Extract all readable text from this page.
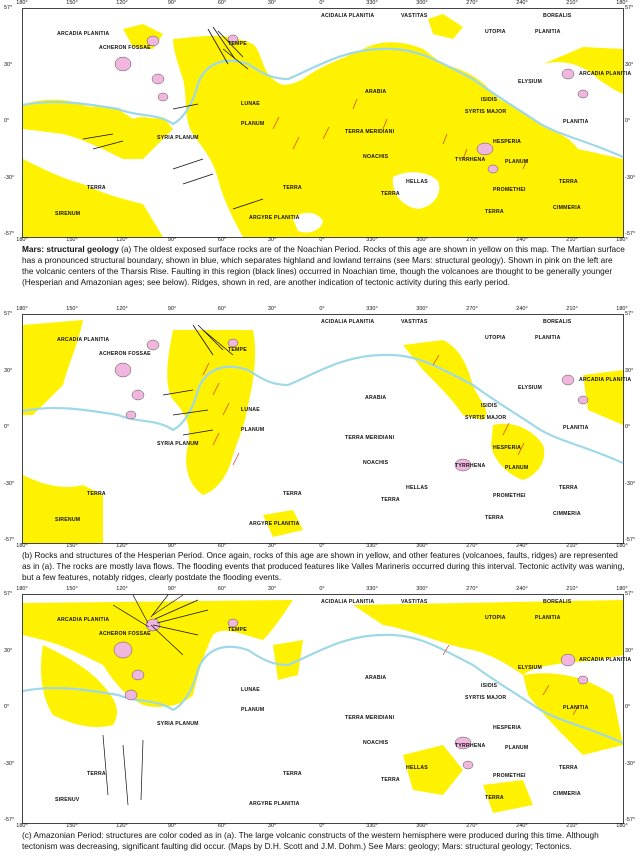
180°	150°	120°	90°	60°	30°	0°	330°	300°	270°	240°	210°	180°
ARCADIA PLANITIA
ACIDALIA PLANITIA	VASTITAS	BOREALIS
UTOPIA	PLANITIA
ARCADIA PLANITIA
ACHERON FOSSAE
TEMPE
ARABIA
ELYSIUM
LUNAE
ISIDIS
SYRTIS MAJOR
PLANUM	PLANITIA
TERRA MERIDIANI
SYRIA PLANUM
HESPERIA
NOACHIS	TYRRHENA	PLANUM
TERRA	TERRA
TERRA
TERRA
HELLAS
PROMETHEI
SIRENUM
ARGYRE PLANITIA
TERRA
CIMMERIA
180°	150°	120°	90°	60°	30°	0°	330°	300°	270°	240°	210°	180°
Mars: structural geology (a) The oldest exposed surface rocks are of the Noachian Period. Rocks of this age are shown in yellow on this map. The Martian surface has a pronounced structural boundary, shown in blue, which separates highland and lowland terrains (see Mars: structural geology). Shown in pink on the left are the volcanic centers of the Tharsis Rise. Faulting in this region (black lines) occurred in Noachian time, though the volcanoes are thought to be generally younger (Hesperian and Amazonian ages; see below). Ridges, shown in red, are another indication of tectonic activity during this early period.
57°	57°
30°	30°
0°	0°
-30°	-30°
-57°	-57°
180°	150°	120°	90°	60°	30°	0°	330°	300°	270°	240°	210°	180°
ARCADIA PLANITIA
ACIDALIA PLANITIA	VASTITAS	BOREALIS
UTOPIA	PLANITIA
ARCADIA PLANITIA
ACHERON FOSSAE
TEMPE
ARABIA
ELYSIUM
LUNAE
ISIDIS
SYRTIS MAJOR
PLANUM	PLANITIA
TERRA MERIDIANI
SYRIA PLANUM
HESPERIA
NOACHIS	TYRRHENA	PLANUM
TERRA	TERRA
TERRA
TERRA
HELLAS
PROMETHEI
SIRENUM
ARGYRE PLANITIA
TERRA
CIMMERIA
180°	150°	120°	90°	60°	30°	0°	330°	300°	270°	240°	210°	180°
(b) Rocks and structures of the Hesperian Period. Once again, rocks of this age are shown in yellow, and other features (volcanoes, faults, ridges) are represented as in (a). The rocks are mostly lava flows. The flooding events that produced features like Valles Marineris occurred during this interval. Tectonic activity was waning, but a few features, notably ridges, clearly postdate the flooding events.
57°	57°
30°	30°
0°	0°
-30°	-30°
-57°	-57°
180°	150°	120°	90°	60°	30°	0°	330°	300°	270°	240°	210°	180°
ARCADIA PLANITIA
ACIDALIA PLANITIA	VASTITAS	BOREALIS
UTOPIA	PLANITIA
ARCADIA PLANITIA
ACHERON FOSSAE
TEMPE
ARABIA
ELYSIUM
LUNAE
ISIDIS
SYRTIS MAJOR
PLANUM	PLANITIA
TERRA MERIDIANI
SYRIA PLANUM
HESPERIA
NOACHIS	TYRRHENA	PLANUM
TERRA	TERRA
TERRA
TERRA
HELLAS
PROMETHEI
SIRENUV
ARGYRE PLANITIA
TERRA
CIMMERIA
180°	150°	120°	90°	60°	30°	0°	330°	300°	270°	240°	210°	180°
(c) Amazonian Period: structures are color coded as in (a). The large volcanic constructs of the western hemisphere were produced during this time. Although tectonism was decreasing, significant faulting did occur. (Maps by D.H. Scott and J.M. Dohm.) See Mars: geology; Mars: structural geology; Tectonics.
57°	57°
30°	30°
0°	0°
-30°	-30°
-57°	-57°
